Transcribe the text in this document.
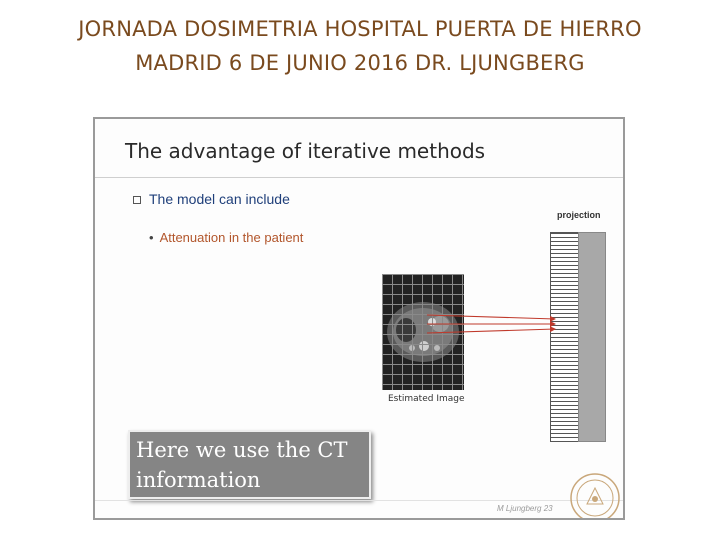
JORNADA DOSIMETRIA HOSPITAL PUERTA DE HIERRO
MADRID 6 DE JUNIO 2016 DR. LJUNGBERG
The advantage of iterative methods
The model can include
• Attenuation in the patient
Estimated Image
projection
Here we use the CT
information
M Ljungberg 23
